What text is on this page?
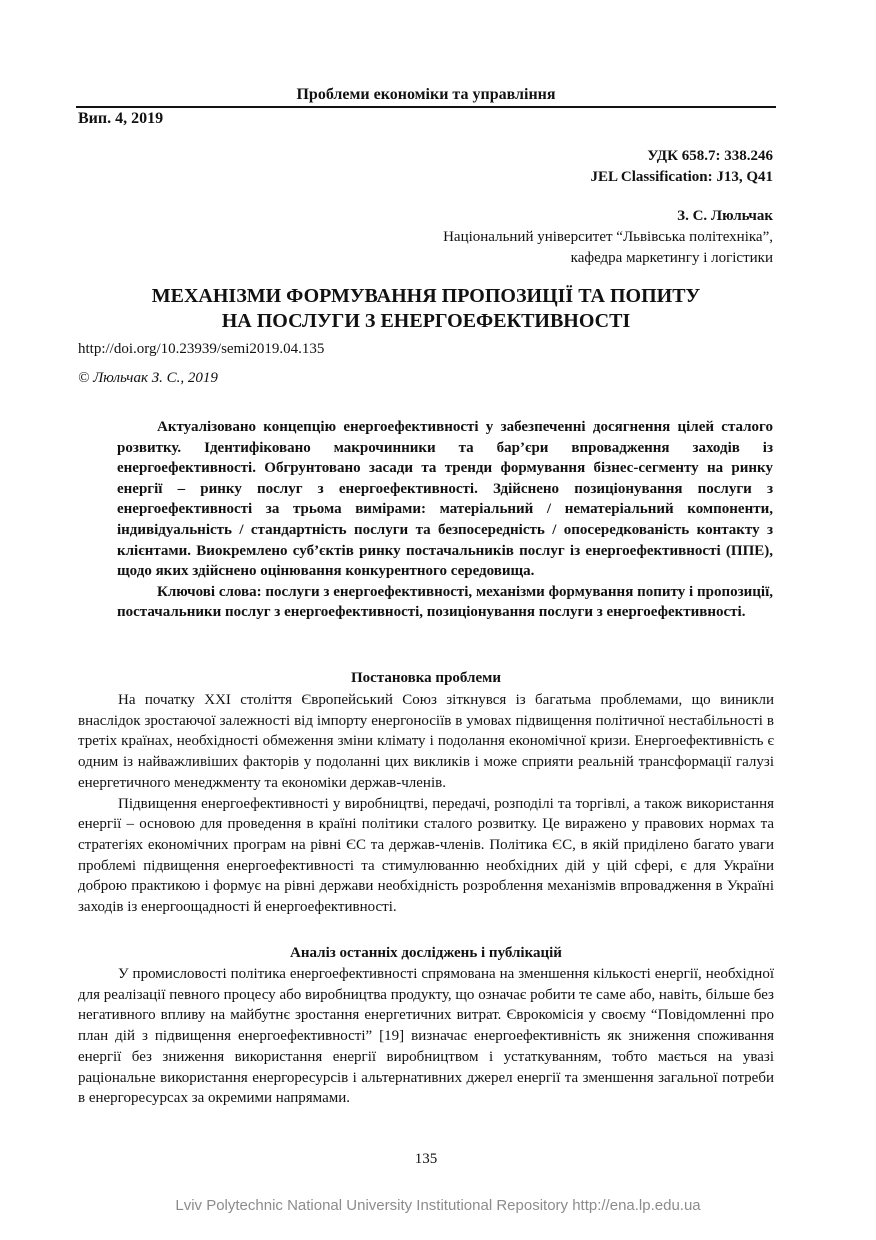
Проблеми економіки та управління
Вип. 4, 2019
УДК 658.7: 338.246
JEL Classification: J13, Q41
З. С. Люльчак
Національний університет “Львівська політехніка”,
кафедра маркетингу і логістики
МЕХАНІЗМИ ФОРМУВАННЯ ПРОПОЗИЦІЇ ТА ПОПИТУ
НА ПОСЛУГИ З ЕНЕРГОЕФЕКТИВНОСТІ
http://doi.org/10.23939/semi2019.04.135
© Люльчак З. С., 2019

Актуалізовано концепцію енергоефективності у забезпеченні досягнення цілей сталого розвитку. Ідентифіковано макрочинники та бар’єри впровадження заходів із енергоефективності. Обгрунтовано засади та тренди формування бізнес-сегменту на ринку енергії – ринку послуг з енергоефективності. Здійснено позиціонування послуги з енергоефективності за трьома вимірами: матеріальний / нематеріальний компоненти, індивідуальність / стандартність послуги та безпосередність / опосередкованість контакту з клієнтами. Виокремлено суб’єктів ринку постачальників послуг із енергоефективності (ППЕ), щодо яких здійснено оцінювання конкурентного середовища.

Ключові слова: послуги з енергоефективності, механізми формування попиту і пропозиції, постачальники послуг з енергоефективності, позиціонування послуги з енергоефективності.

Постановка проблеми

На початку ХХІ століття Європейський Союз зіткнувся із багатьма проблемами, що виникли внаслідок зростаючої залежності від імпорту енергоносіїв в умовах підвищення політичної нестабільності в третіх країнах, необхідності обмеження зміни клімату і подолання економічної кризи. Енергоефективність є одним із найважливіших факторів у подоланні цих викликів і може сприяти реальній трансформації галузі енергетичного менеджменту та економіки держав-членів.

Підвищення енергоефективності у виробництві, передачі, розподілі та торгівлі, а також використання енергії – основою для проведення в країні політики сталого розвитку. Це виражено у правових нормах та стратегіях економічних програм на рівні ЄС та держав-членів. Політика ЄС, в якій приділено багато уваги проблемі підвищення енергоефективності та стимулюванню необхідних дій у цій сфері, є для України доброю практикою і формує на рівні держави необхідність розроблення механізмів впровадження в Україні заходів із енергоощадності й енергоефективності.

Аналіз останніх досліджень і публікацій

У промисловості політика енергоефективності спрямована на зменшення кількості енергії, необхідної для реалізації певного процесу або виробництва продукту, що означає робити те саме або, навіть, більше без негативного впливу на майбутнє зростання енергетичних витрат. Єврокомісія у своєму “Повідомленні про план дій з підвищення енергоефективності” [19] визначає енергоефективність як зниження споживання енергії без зниження використання енергії виробництвом і устаткуванням, тобто мається на увазі раціональне використання енергоресурсів і альтернативних джерел енергії та зменшення загальної потреби в енергоресурсах за окремими напрямами.

135
Lviv Polytechnic National University Institutional Repository http://ena.lp.edu.ua
